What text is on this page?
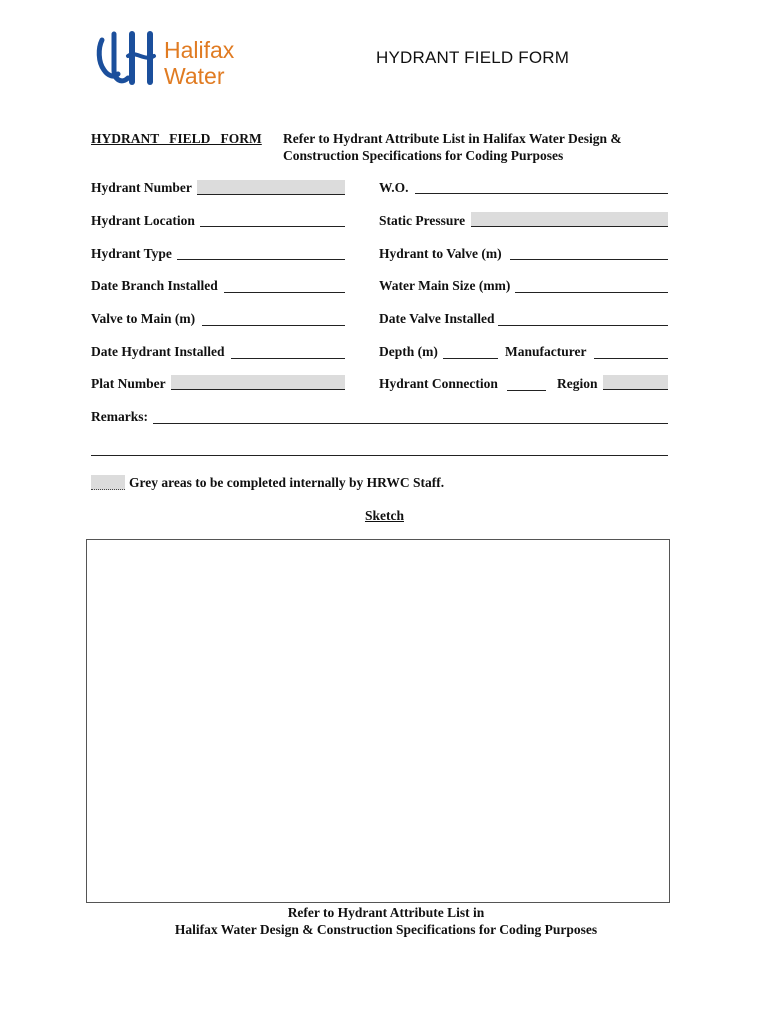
Halifax
Water
HYDRANT FIELD FORM
HYDRANT   FIELD   FORM Refer to Hydrant Attribute List in Halifax Water Design &
Construction Specifications for Coding Purposes
Hydrant Number	W.O.
Hydrant Location	Static Pressure
Hydrant Type	Hydrant to Valve (m)
Date Branch Installed	Water Main Size (mm)
Valve to Main (m)	Date Valve Installed
Date Hydrant Installed	Depth (m)	Manufacturer
Plat Number	Hydrant Connection	Region
Remarks:
Grey areas to be completed internally by HRWC Staff.
Sketch
Refer to Hydrant Attribute List in
Halifax Water Design & Construction Specifications for Coding Purposes
